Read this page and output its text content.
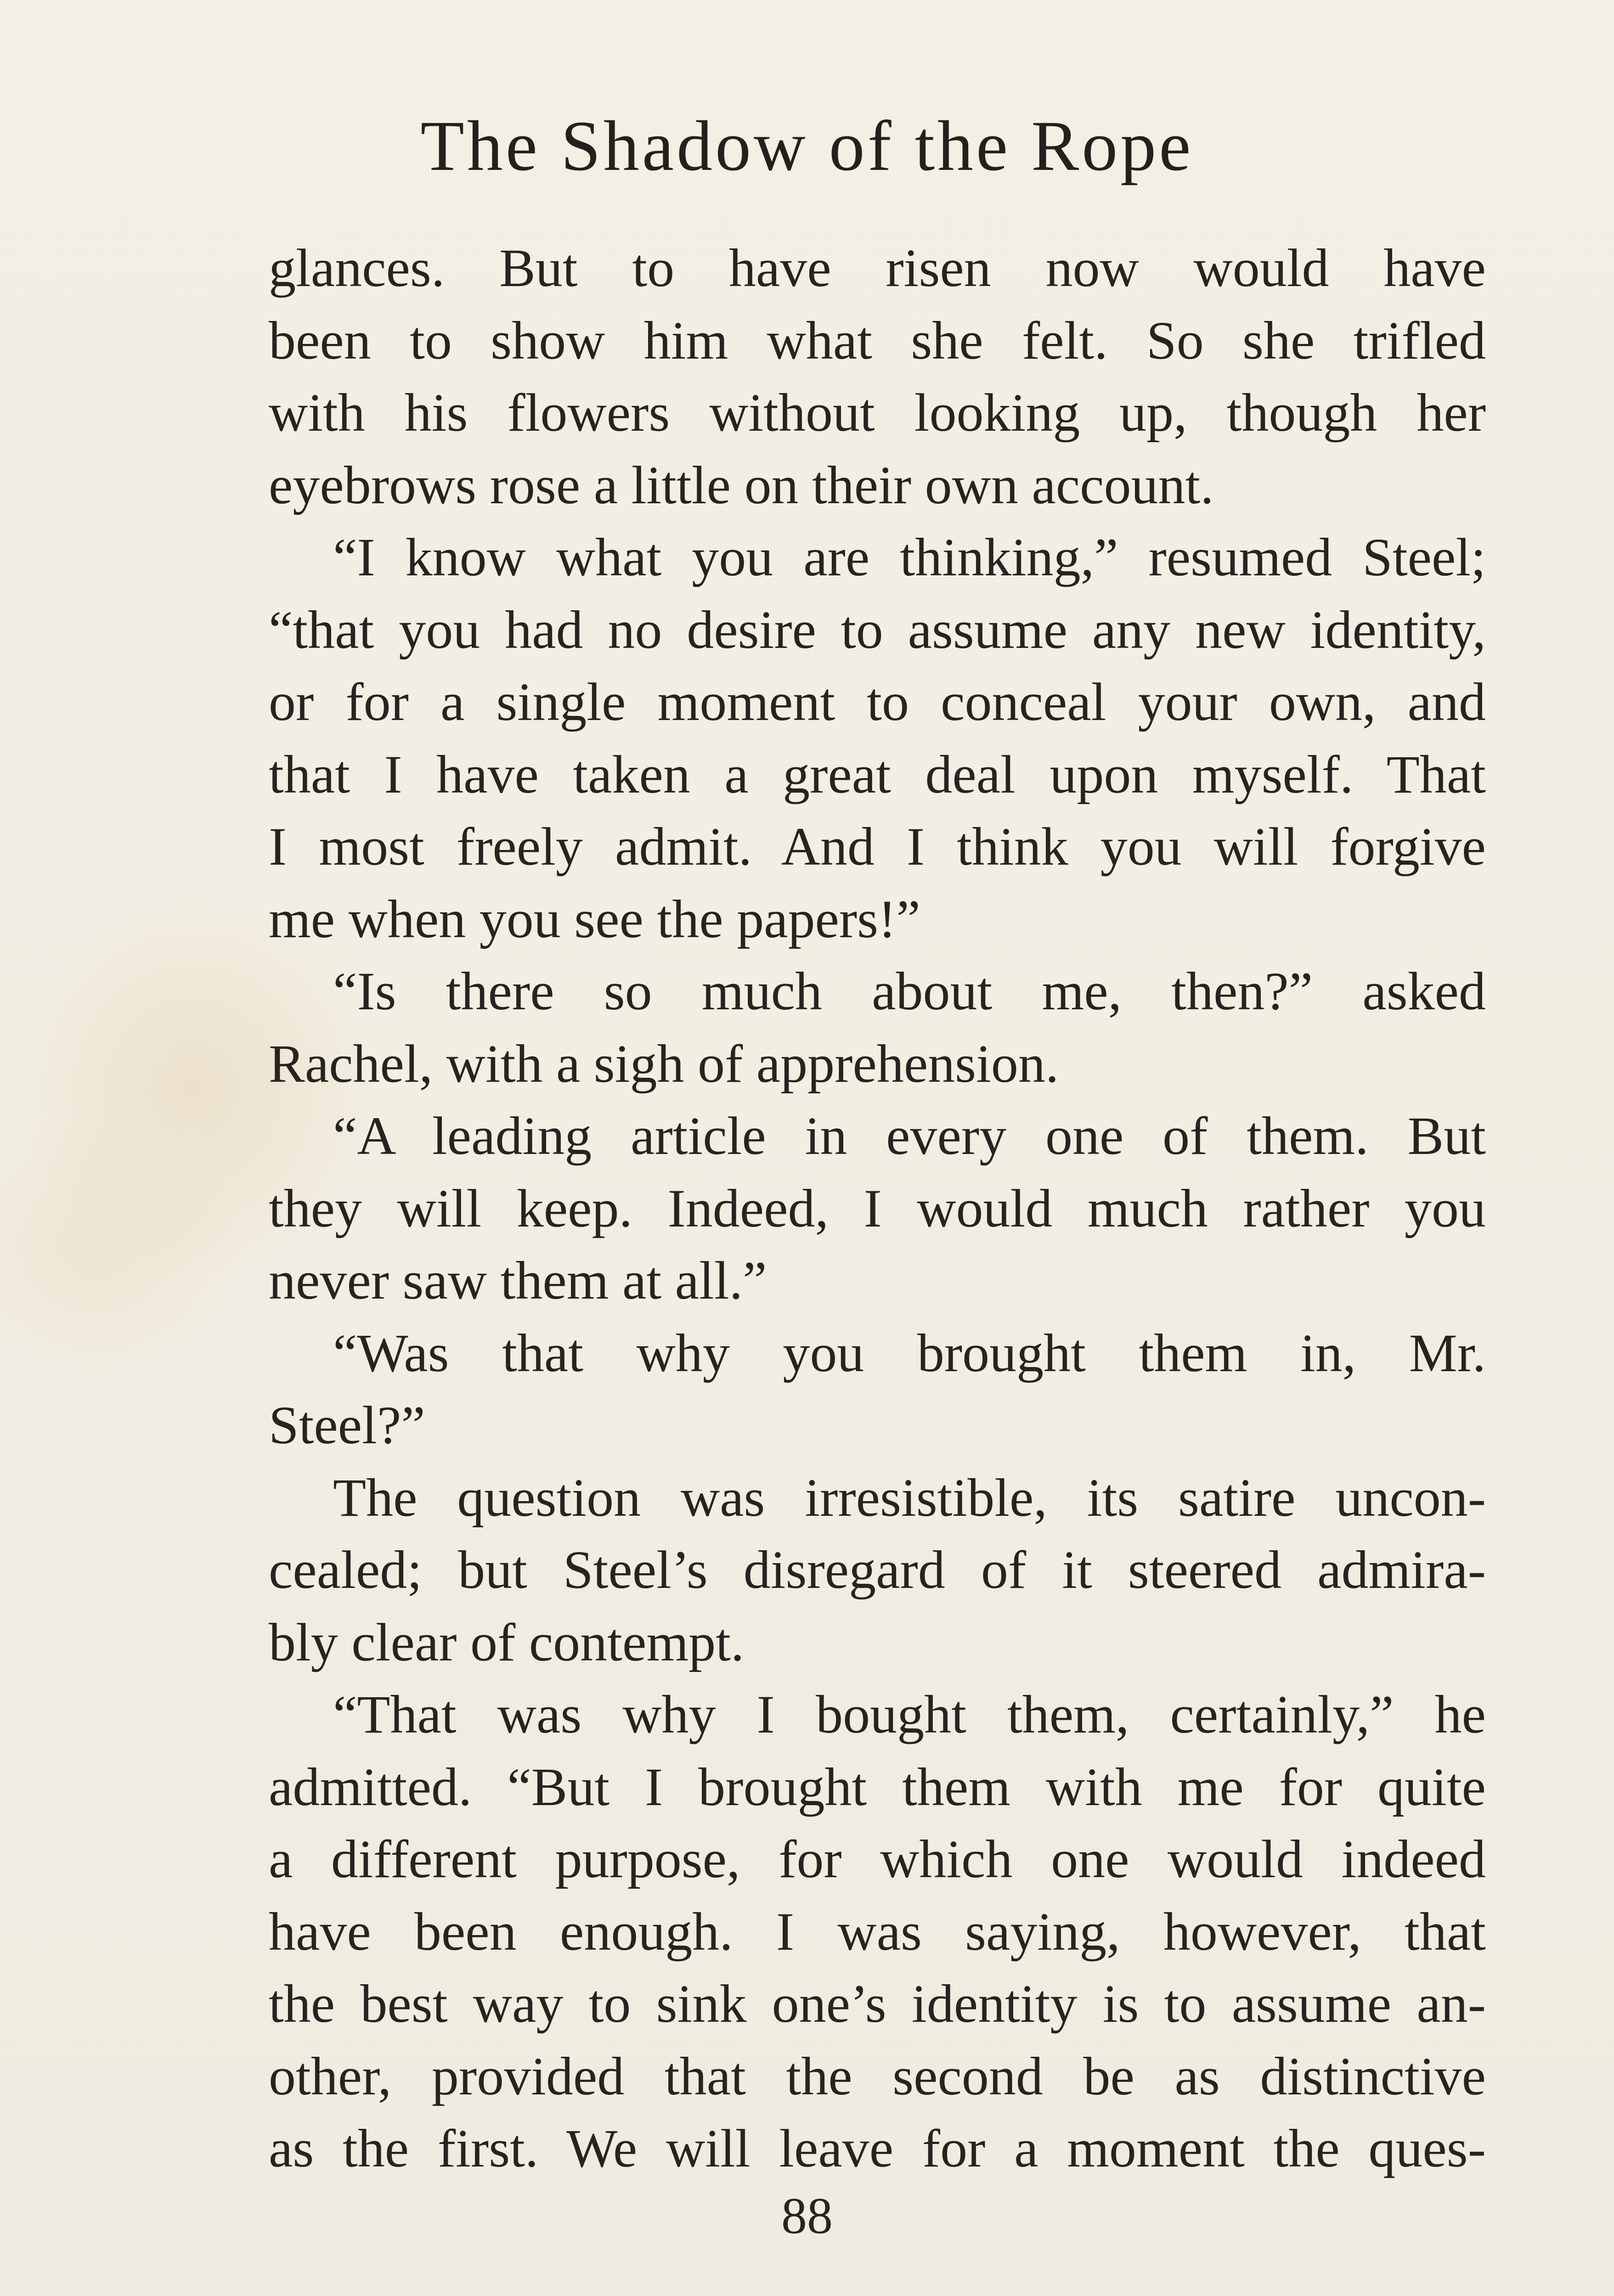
The Shadow of the Rope
glances. But to have risen now would have
been to show him what she felt. So she trifled
with his flowers without looking up, though her
eyebrows rose a little on their own account.
“I know what you are thinking,” resumed Steel;
“that you had no desire to assume any new identity,
or for a single moment to conceal your own, and
that I have taken a great deal upon myself. That
I most freely admit. And I think you will forgive
me when you see the papers!”
“Is there so much about me, then?” asked
Rachel, with a sigh of apprehension.
“A leading article in every one of them. But
they will keep. Indeed, I would much rather you
never saw them at all.”
“Was that why you brought them in, Mr.
Steel?”
The question was irresistible, its satire uncon-
cealed; but Steel’s disregard of it steered admira-
bly clear of contempt.
“That was why I bought them, certainly,” he
admitted. “But I brought them with me for quite
a different purpose, for which one would indeed
have been enough. I was saying, however, that
the best way to sink one’s identity is to assume an-
other, provided that the second be as distinctive
as the first. We will leave for a moment the ques-
88
